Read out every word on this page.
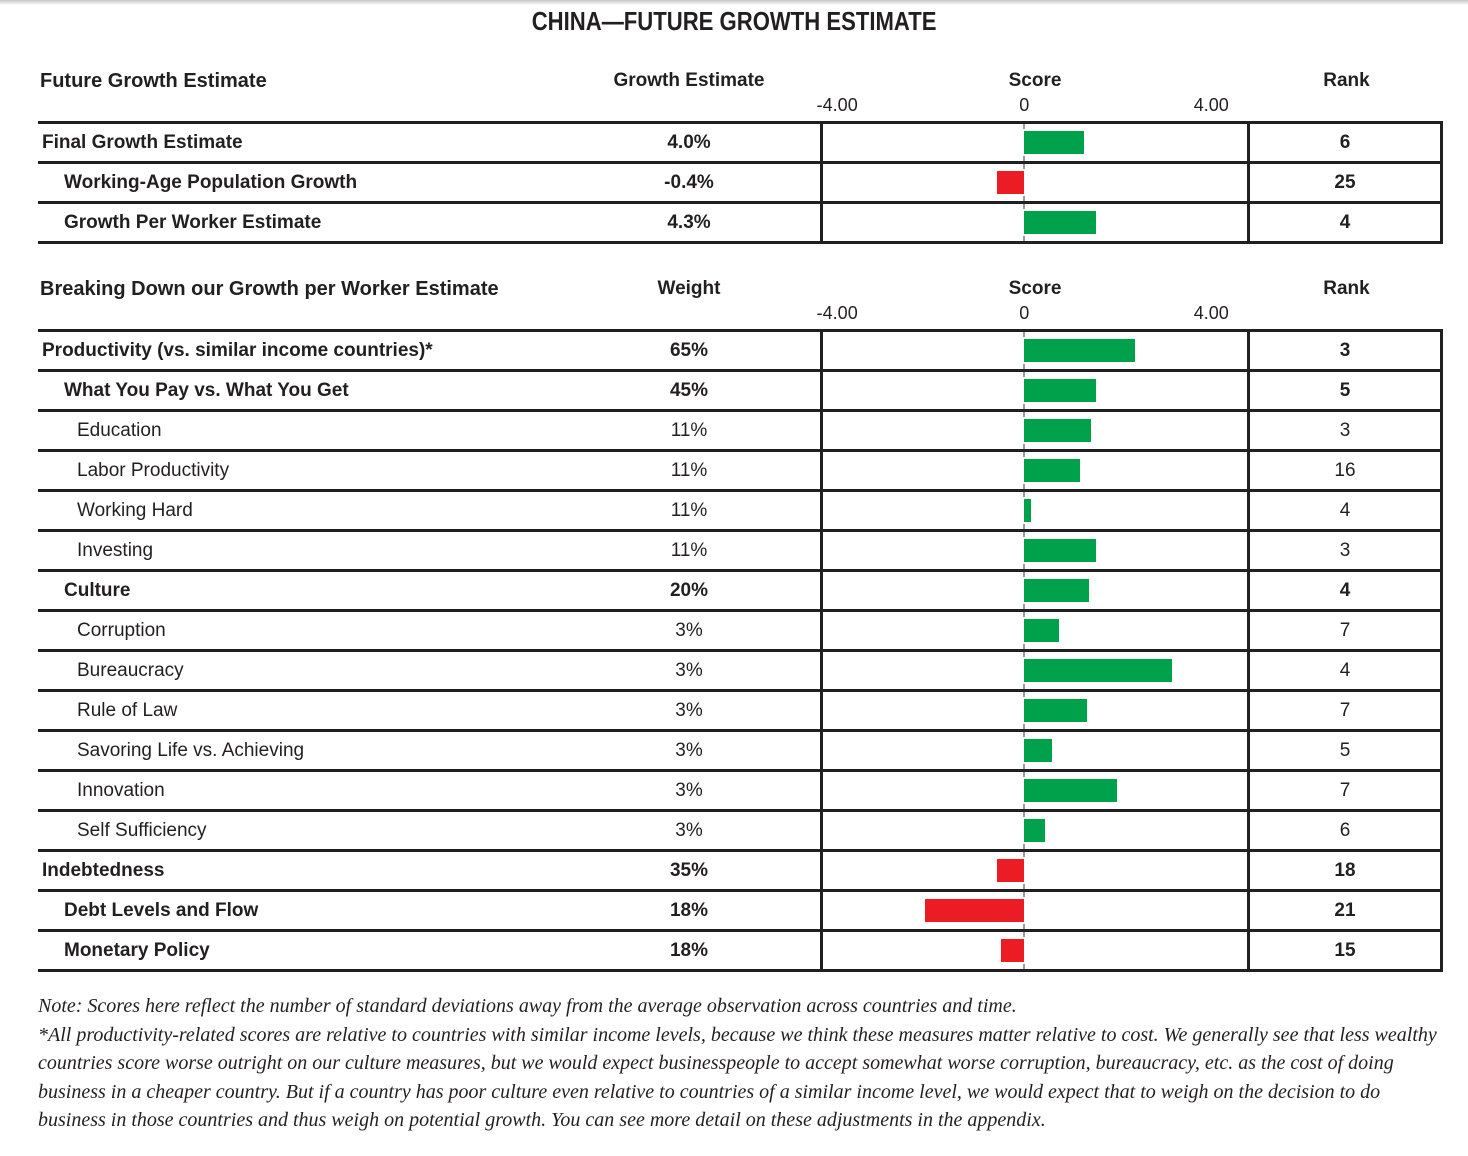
CHINA—FUTURE GROWTH ESTIMATE
Future Growth Estimate	Growth Estimate	Score	Rank
-4.00	0	4.00
Final Growth Estimate	4.0%	6
Working-Age Population Growth	-0.4%	25
Growth Per Worker Estimate	4.3%	4
Breaking Down our Growth per Worker Estimate	Weight	Score	Rank
-4.00	0	4.00
Productivity (vs. similar income countries)*	65%	3
What You Pay vs. What You Get	45%	5
Education	11%	3
Labor Productivity	11%	16
Working Hard	11%	4
Investing	11%	3
Culture	20%	4
Corruption	3%	7
Bureaucracy	3%	4
Rule of Law	3%	7
Savoring Life vs. Achieving	3%	5
Innovation	3%	7
Self Sufficiency	3%	6
Indebtedness	35%	18
Debt Levels and Flow	18%	21
Monetary Policy	18%	15

Note: Scores here reflect the number of standard deviations away from the average observation across countries and time.

*All productivity-related scores are relative to countries with similar income levels, because we think these measures matter relative to cost. We generally see that less wealthy countries score worse outright on our culture measures, but we would expect businesspeople to accept somewhat worse corruption, bureaucracy, etc. as the cost of doing business in a cheaper country. But if a country has poor culture even relative to countries of a similar income level, we would expect that to weigh on the decision to do business in those countries and thus weigh on potential growth. You can see more detail on these adjustments in the appendix.
